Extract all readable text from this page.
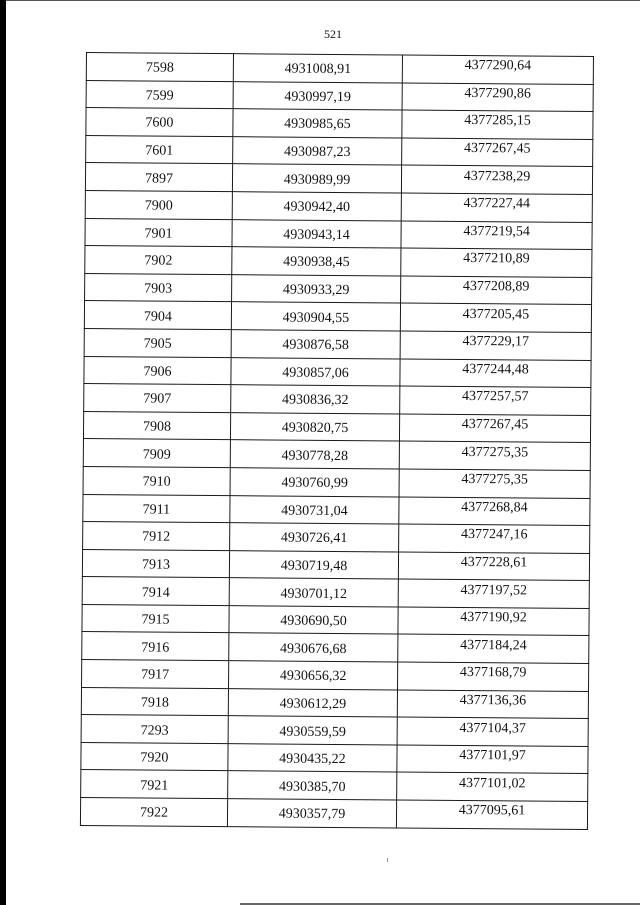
521
7598	4931008,91	4377290,64
7599	4930997,19	4377290,86
7600	4930985,65	4377285,15
7601	4930987,23	4377267,45
7897	4930989,99	4377238,29
7900	4930942,40	4377227,44
7901	4930943,14	4377219,54
7902	4930938,45	4377210,89
7903	4930933,29	4377208,89
7904	4930904,55	4377205,45
7905	4930876,58	4377229,17
7906	4930857,06	4377244,48
7907	4930836,32	4377257,57
7908	4930820,75	4377267,45
7909	4930778,28	4377275,35
7910	4930760,99	4377275,35
7911	4930731,04	4377268,84
7912	4930726,41	4377247,16
7913	4930719,48	4377228,61
7914	4930701,12	4377197,52
7915	4930690,50	4377190,92
7916	4930676,68	4377184,24
7917	4930656,32	4377168,79
7918	4930612,29	4377136,36
7293	4930559,59	4377104,37
7920	4930435,22	4377101,97
7921	4930385,70	4377101,02
7922	4930357,79	4377095,61
